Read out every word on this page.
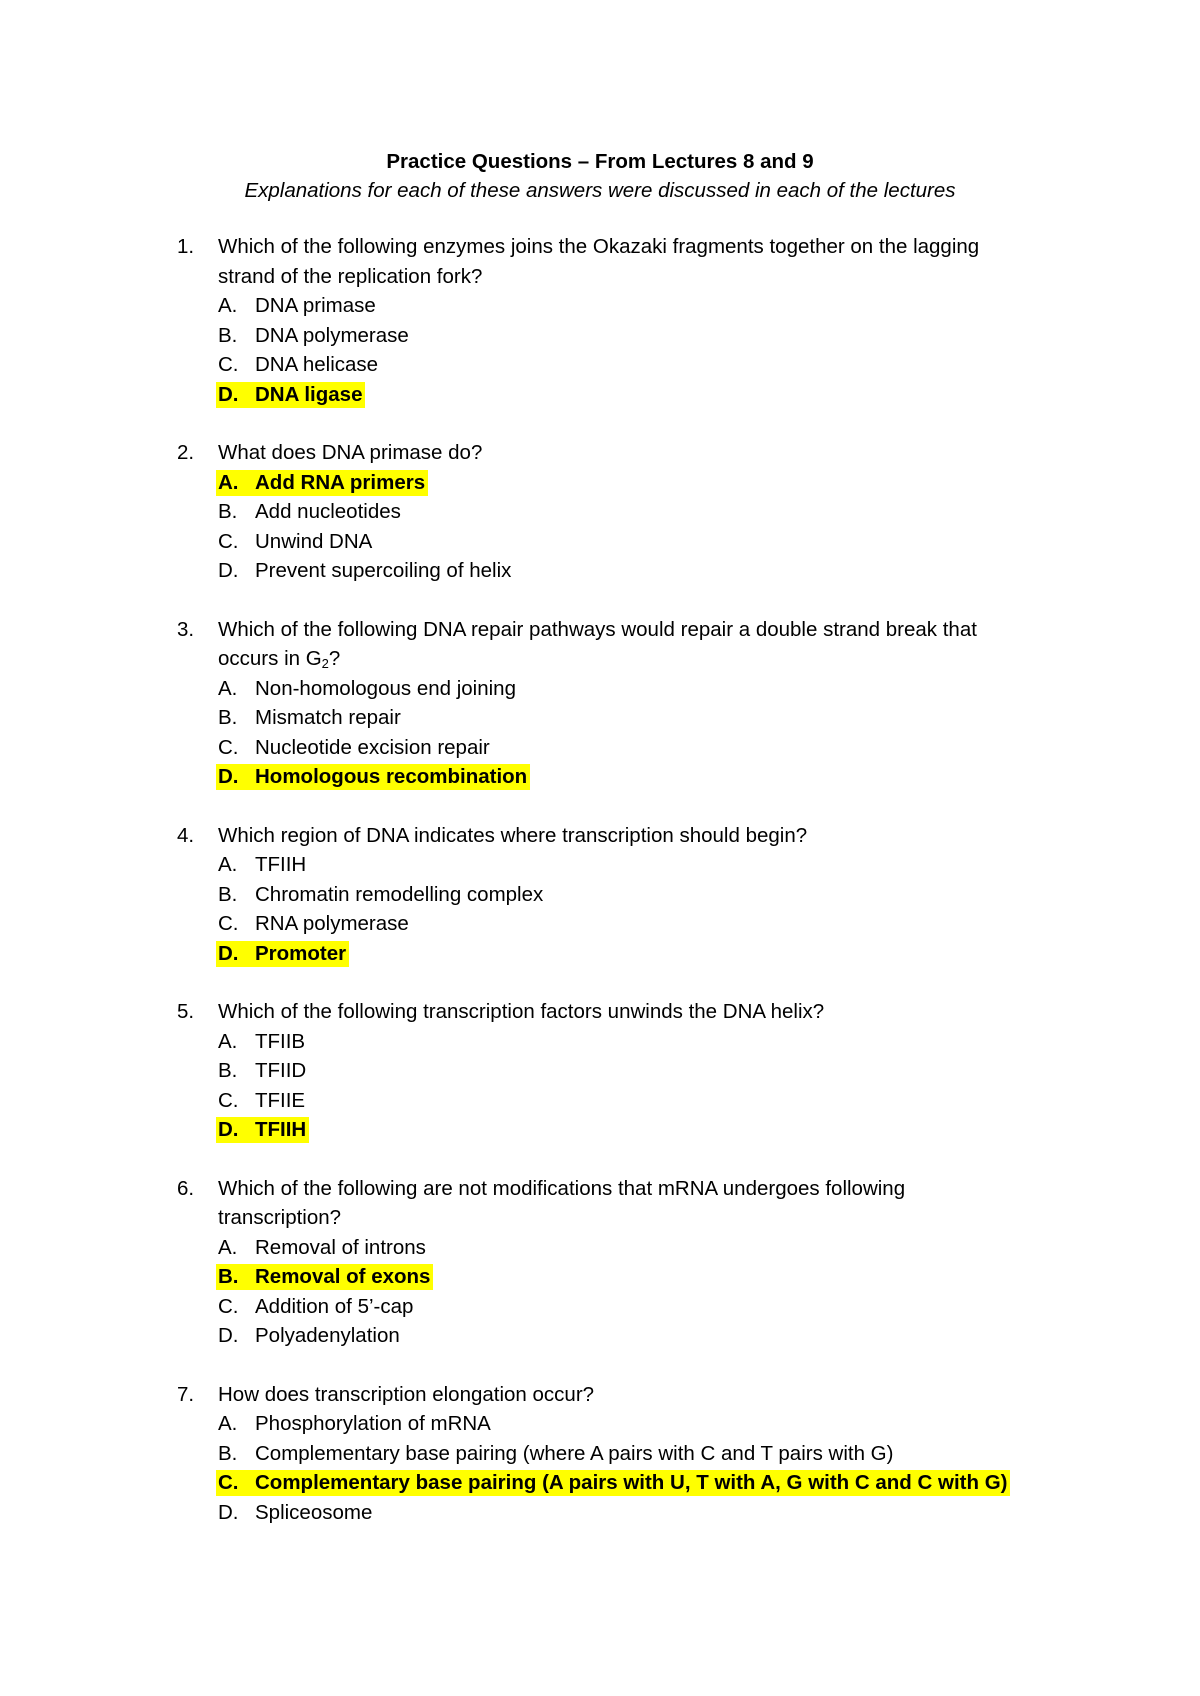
Practice Questions – From Lectures 8 and 9
Explanations for each of these answers were discussed in each of the lectures
1. Which of the following enzymes joins the Okazaki fragments together on the lagging
strand of the replication fork?
A. DNA primase
B. DNA polymerase
C. DNA helicase
D. DNA ligase
2. What does DNA primase do?
A. Add RNA primers
B. Add nucleotides
C. Unwind DNA
D. Prevent supercoiling of helix
3. Which of the following DNA repair pathways would repair a double strand break that
occurs in $G_2$?
A. Non-homologous end joining
B. Mismatch repair
C. Nucleotide excision repair
D. Homologous recombination
4. Which region of DNA indicates where transcription should begin?
A. TFIIH
B. Chromatin remodelling complex
C. RNA polymerase
D. Promoter
5. Which of the following transcription factors unwinds the DNA helix?
A. TFIIB
B. TFIID
C. TFIIE
D. TFIIH
6. Which of the following are not modifications that mRNA undergoes following
transcription?
A. Removal of introns
B. Removal of exons
C. Addition of 5’-cap
D. Polyadenylation
7. How does transcription elongation occur?
A. Phosphorylation of mRNA
B. Complementary base pairing (where A pairs with C and T pairs with G)
C. Complementary base pairing (A pairs with U, T with A, G with C and C with G)
D. Spliceosome
